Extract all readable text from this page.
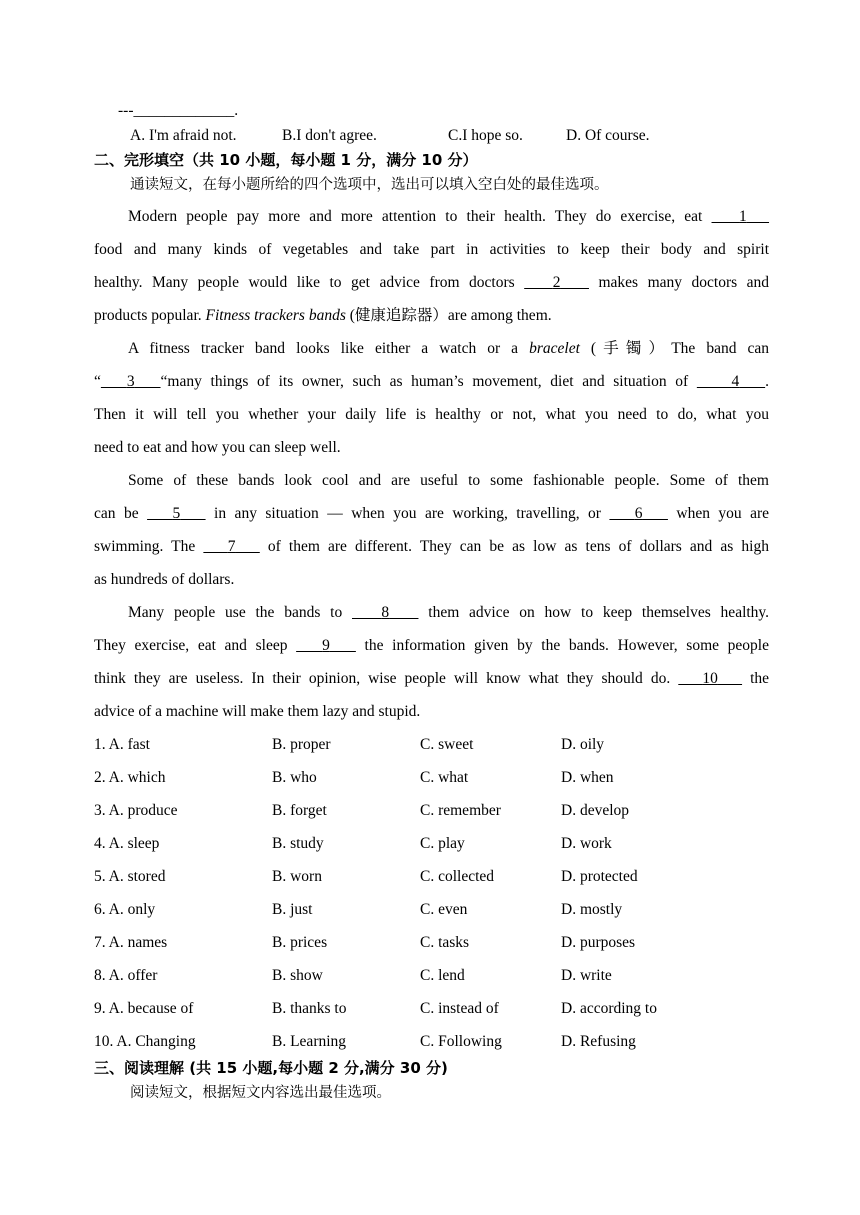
---_____________.
A. I'm afraid not.	B.I don't agree.	C.I hope so.	D. Of course.
二、完形填空（共 10 小题，每小题 1 分，满分 10 分）
通读短文，在每小题所给的四个选项中，选出可以填入空白处的最佳选项。
Modern people pay more and more attention to their health. They do exercise, eat 1
food and many kinds of vegetables and take part in activities to keep their body and spirit
healthy. Many people would like to get advice from doctors 2 makes many doctors and
products popular. Fitness trackers bands (健康追踪器）are among them.
A fitness tracker band looks like either a watch or a bracelet (手镯）The band can
“ 3 “many things of its owner, such as human’s movement, diet and situation of	4 .
Then it will tell you whether your daily life is healthy or not, what you need to do, what you
need to eat and how you can sleep well.
Some of these bands look cool and are useful to some fashionable people. Some of them
can be 5 in any situation — when you are working, travelling, or 6 when you are
swimming. The 7 of them are different. They can be as low as tens of dollars and as high
as hundreds of dollars.
Many people use the bands to	8	them advice on how to keep themselves healthy.
They exercise, eat and sleep 9 the information given by the bands. However, some people
think they are useless. In their opinion, wise people will know what they should do. 10 the
advice of a machine will make them lazy and stupid.
1. A. fast	B. proper	C. sweet	D. oily
2. A. which	B. who	C. what	D. when
3. A. produce	B. forget	C. remember	D. develop
4. A. sleep	B. study	C. play	D. work
5. A. stored	B. worn	C. collected	D. protected
6. A. only	B. just	C. even	D. mostly
7. A. names	B. prices	C. tasks	D. purposes
8. A. offer	B. show	C. lend	D. write
9. A. because of	B. thanks to	C. instead of	D. according to
10. A. Changing	B. Learning	C. Following	D. Refusing
三、阅读理解 (共 15 小题,每小题 2 分,满分 30 分)
阅读短文，根据短文内容选出最佳选项。
